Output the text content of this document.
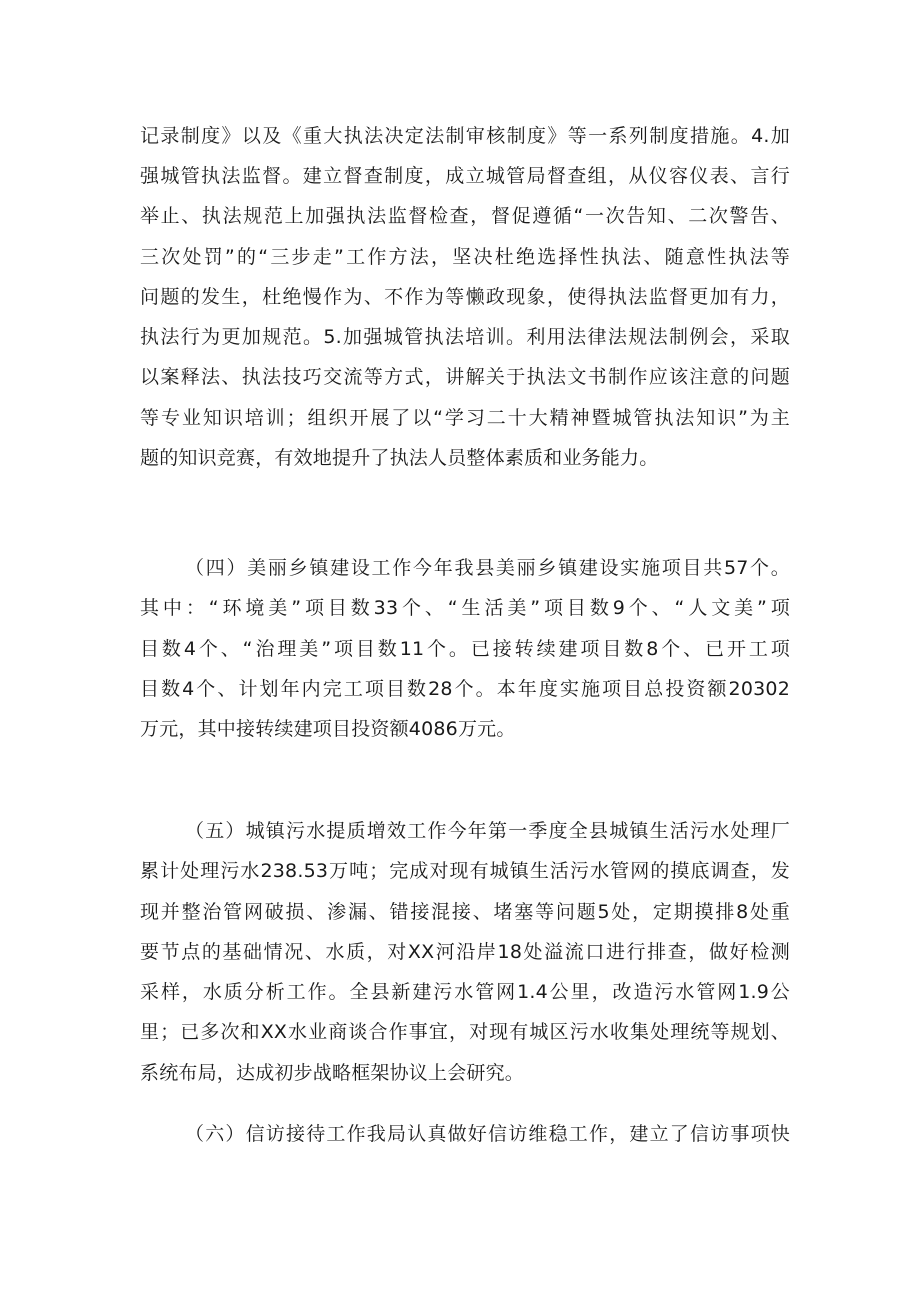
记录制度》以及《重大执法决定法制审核制度》等一系列制度措施。4.加
强城管执法监督。建立督查制度，成立城管局督查组，从仪容仪表、言行
举止、执法规范上加强执法监督检查，督促遵循“一次告知、二次警告、
三次处罚”的“三步走”工作方法，坚决杜绝选择性执法、随意性执法等
问题的发生，杜绝慢作为、不作为等懒政现象，使得执法监督更加有力，
执法行为更加规范。5.加强城管执法培训。利用法律法规法制例会，采取
以案释法、执法技巧交流等方式，讲解关于执法文书制作应该注意的问题
等专业知识培训；组织开展了以“学习二十大精神暨城管执法知识”为主
题的知识竞赛，有效地提升了执法人员整体素质和业务能力。
（四）美丽乡镇建设工作今年我县美丽乡镇建设实施项目共57个。
其中：“环境美”项目数33个、“生活美”项目数9个、“人文美”项
目数4个、“治理美”项目数11个。已接转续建项目数8个、已开工项
目数4个、计划年内完工项目数28个。本年度实施项目总投资额20302
万元，其中接转续建项目投资额4086万元。
（五）城镇污水提质增效工作今年第一季度全县城镇生活污水处理厂
累计处理污水238.53万吨；完成对现有城镇生活污水管网的摸底调查，发
现并整治管网破损、渗漏、错接混接、堵塞等问题5处，定期摸排8处重
要节点的基础情况、水质，对XX河沿岸18处溢流口进行排查，做好检测
采样，水质分析工作。全县新建污水管网1.4公里，改造污水管网1.9公
里；已多次和XX水业商谈合作事宜，对现有城区污水收集处理统等规划、
系统布局，达成初步战略框架协议上会研究。
（六）信访接待工作我局认真做好信访维稳工作，建立了信访事项快
